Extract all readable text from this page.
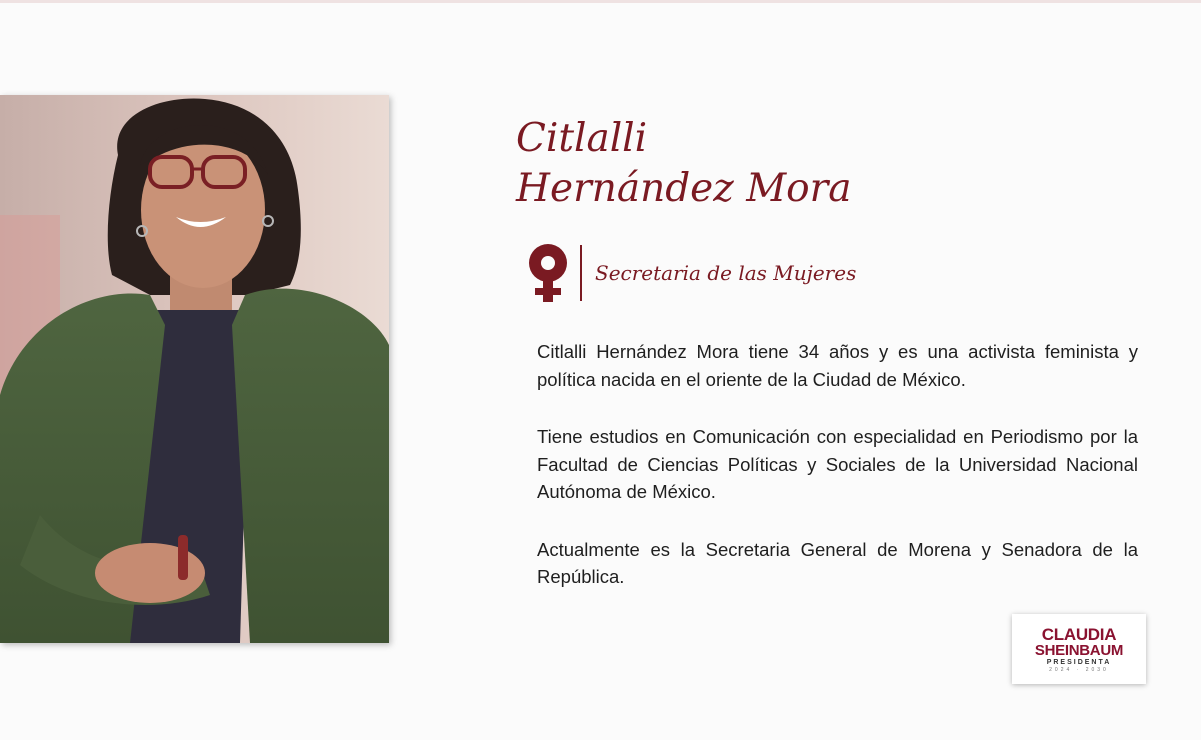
Citlalli
Hernández Mora
Secretaria de las Mujeres

Citlalli Hernández Mora tiene 34 años y es una activista feminista y política nacida en el oriente de la Ciudad de México.

Tiene estudios en Comunicación con especialidad en Periodismo por la Facultad de Ciencias Políticas y Sociales de la Universidad Nacional Autónoma de México.

Actualmente es la Secretaria General de Morena y Senadora de la República.

CLAUDIA
SHEINBAUM
PRESIDENTA
2024 · 2030
